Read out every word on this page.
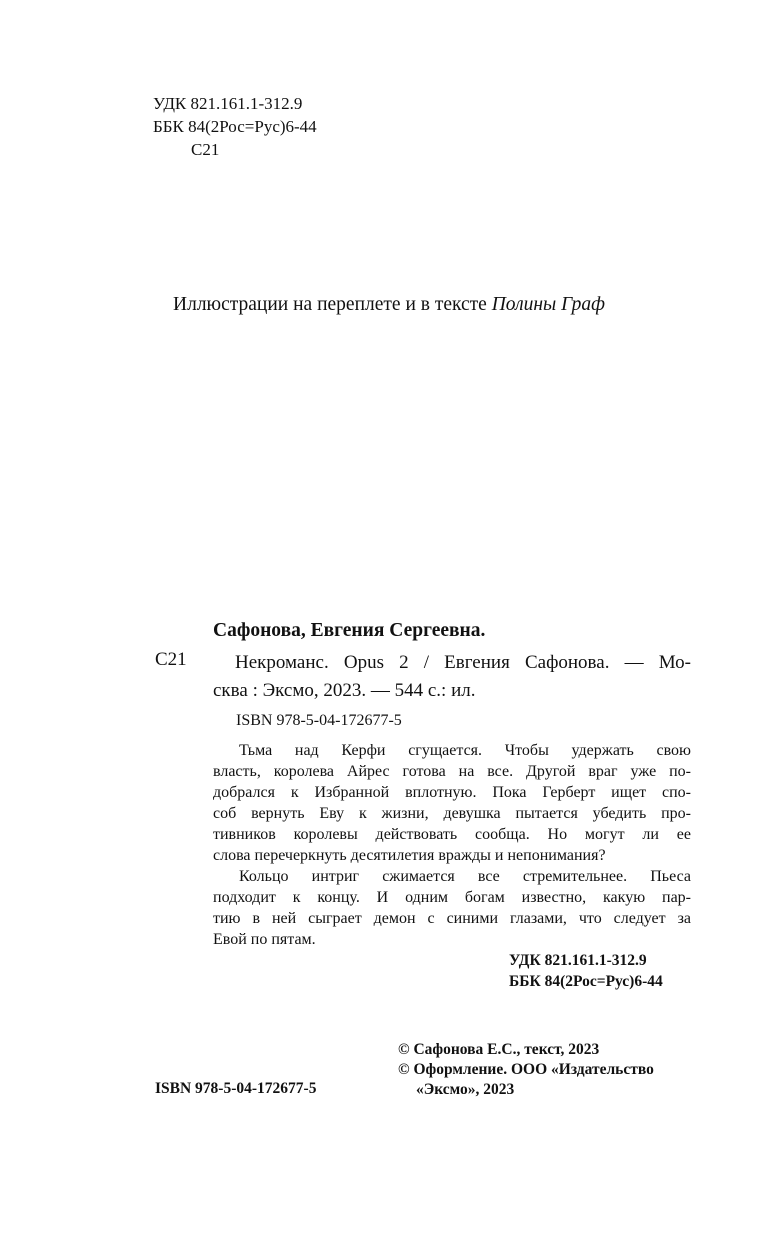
УДК 821.161.1-312.9
ББК 84(2Рос=Рус)6-44
С21

Иллюстрации на переплете и в тексте Полины Граф

Сафонова, Евгения Сергеевна.

С21	Некроманс. Opus 2 / Евгения Сафонова. — Мо-
сква : Эксмо, 2023. — 544 с.: ил.

ISBN 978-5-04-172677-5

Тьма над Керфи сгущается. Чтобы удержать свою
власть, королева Айрес готова на все. Другой враг уже по-
добрался к Избранной вплотную. Пока Герберт ищет спо-
соб вернуть Еву к жизни, девушка пытается убедить про-
тивников королевы действовать сообща. Но могут ли ее
слова перечеркнуть десятилетия вражды и непонимания?
Кольцо интриг сжимается все стремительнее. Пьеса
подходит к концу. И одним богам известно, какую пар-
тию в ней сыграет демон с синими глазами, что следует за
Евой по пятам.
УДК 821.161.1-312.9
ББК 84(2Рос=Рус)6-44
© Сафонова Е.С., текст, 2023
© Оформление. ООО «Издательство
«Эксмо», 2023

ISBN 978-5-04-172677-5
